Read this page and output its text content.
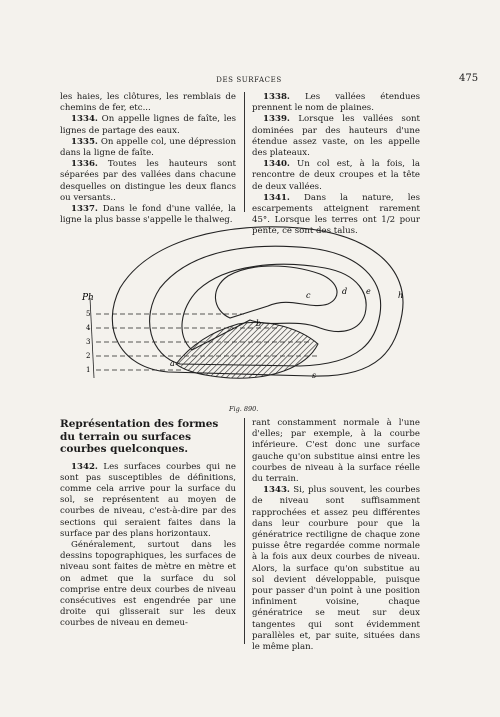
DES SURFACES	475

les haies, les clôtures, les remblais de chemins de fer, etc...

1334. On appelle lignes de faîte, les lignes de partage des eaux.

1335. On appelle col, une dépression dans la ligne de faîte.

1336. Toutes les hauteurs sont séparées par des vallées dans chacune desquelles on distingue les deux flancs ou versants..

1337. Dans le fond d'une vallée, la ligne la plus basse s'appelle le thalweg.

1338. Les vallées étendues prennent le nom de plaines.

1339. Lorsque les vallées sont dominées par des hauteurs d'une étendue assez vaste, on les appelle des plateaux.

1340. Un col est, à la fois, la rencontre de deux croupes et la tête de deux vallées.

1341. Dans la nature, les escarpements atteignent rarement 45°. Lorsque les terres ont 1/2 pour pente, ce sont des talus.

Ph
5
4
3
2
1
c	d e	h
a
b
s
Fig. 890.

Représentation des formes du terrain ou surfaces courbes quelconques.

1342. Les surfaces courbes qui ne sont pas susceptibles de définitions, comme cela arrive pour la surface du sol, se représentent au moyen de courbes de niveau, c'est-à-dire par des sections qui seraient faites dans la surface par des plans horizontaux.

Généralement, surtout dans les dessins topographiques, les surfaces de niveau sont faites de mètre en mètre et on admet que la surface du sol comprise entre deux courbes de niveau consécutives est engendrée par une droite qui glisserait sur les deux courbes de niveau en demeu-

rant constamment normale à l'une d'elles; par exemple, à la courbe inférieure. C'est donc une surface gauche qu'on substitue ainsi entre les courbes de niveau à la surface réelle du terrain.

1343. Si, plus souvent, les courbes de niveau sont suffisamment rapprochées et assez peu différentes dans leur courbure pour que la génératrice rectiligne de chaque zone puisse être regardée comme normale à la fois aux deux courbes de niveau. Alors, la surface qu'on substitue au sol devient développable, puisque pour passer d'un point à une position infiniment voisine, chaque génératrice se meut sur deux tangentes qui sont évidemment parallèles et, par suite, situées dans le même plan.
